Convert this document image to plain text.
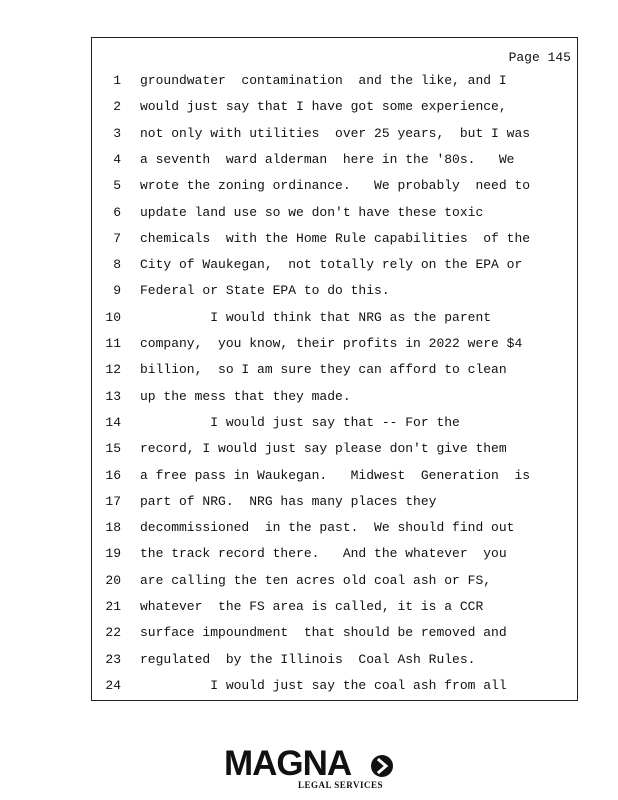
Page 145
1 groundwater  contamination  and the like, and I
2 would just say that I have got some experience,
3 not only with utilities  over 25 years,  but I was
4 a seventh  ward alderman  here in the '80s.   We
5 wrote the zoning ordinance.   We probably  need to
6 update land use so we don't have these toxic
7 chemicals  with the Home Rule capabilities  of the
8 City of Waukegan,  not totally rely on the EPA or
9 Federal or State EPA to do this.
10 I would think that NRG as the parent
11 company,  you know, their profits in 2022 were $4
12 billion,  so I am sure they can afford to clean
13 up the mess that they made.
14 I would just say that -- For the
15 record, I would just say please don't give them
16 a free pass in Waukegan.   Midwest  Generation  is
17 part of NRG.  NRG has many places they
18 decommissioned  in the past.  We should find out
19 the track record there.   And the whatever  you
20 are calling the ten acres old coal ash or FS,
21 whatever  the FS area is called, it is a CCR
22 surface impoundment  that should be removed and
23 regulated  by the Illinois  Coal Ash Rules.
24 I would just say the coal ash from all
MAGNA
LEGAL SERVICES
